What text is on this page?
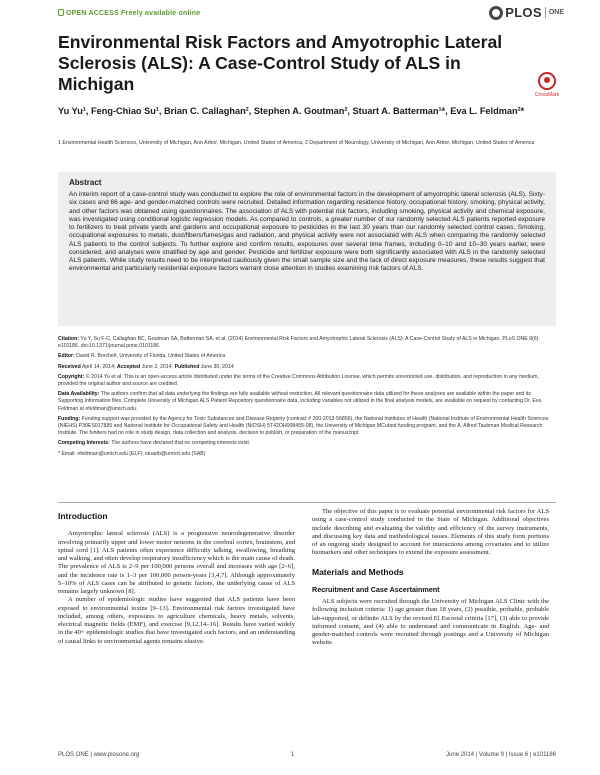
OPEN ACCESS Freely available online	PLOS ONE
Environmental Risk Factors and Amyotrophic Lateral Sclerosis (ALS): A Case-Control Study of ALS in Michigan
CrossMark
Yu Yu¹, Feng-Chiao Su¹, Brian C. Callaghan², Stephen A. Goutman², Stuart A. Batterman¹*, Eva L. Feldman²*
1 Environmental Health Sciences, University of Michigan, Ann Arbor, Michigan, United States of America, 2 Department of Neurology, University of Michigan, Ann Arbor, Michigan, United States of America
Abstract

An interim report of a case-control study was conducted to explore the role of environmental factors in the development of amyotrophic lateral sclerosis (ALS). Sixty-six cases and 66 age- and gender-matched controls were recruited. Detailed information regarding residence history, occupational history, smoking, physical activity, and other factors was obtained using questionnaires. The association of ALS with potential risk factors, including smoking, physical activity and chemical exposure, was investigated using conditional logistic regression models. As compared to controls, a greater number of our randomly selected ALS patients reported exposure to fertilizers to treat private yards and gardens and occupational exposure to pesticides in the last 30 years than our randomly selected control cases. Smoking, occupational exposures to metals, dust/fibers/fumes/gas and radiation, and physical activity were not associated with ALS when comparing the randomly selected ALS patients to the control subjects. To further explore and confirm results, exposures over several time frames, including 0–10 and 10–30 years earlier, were considered, and analyses were stratified by age and gender. Pesticide and fertilizer exposure were both significantly associated with ALS in the randomly selected ALS patients. While study results need to be interpreted cautiously given the small sample size and the lack of direct exposure measures, these results suggest that environmental and particularly residential exposure factors warrant close attention in studies examining risk factors of ALS.

Citation: Yu Y, Su F-C, Callaghan BC, Goutman SA, Batterman SA, et al. (2014) Environmental Risk Factors and Amyotrophic Lateral Sclerosis (ALS): A Case-Control Study of ALS in Michigan. PLoS ONE 9(6): e101186. doi:10.1371/journal.pone.0101186

Editor: David R. Borchelt, University of Florida, United States of America

Received April 14, 2014; Accepted June 2, 2014; Published June 30, 2014

Copyright: © 2014 Yu et al. This is an open-access article distributed under the terms of the Creative Commons Attribution License, which permits unrestricted use, distribution, and reproduction in any medium, provided the original author and source are credited.

Data Availability: The authors confirm that all data underlying the findings are fully available without restriction. All relevant questionnaire data utilized for these analyses are available within the paper and its Supporting Information files. Complete University of Michigan ALS Patient Repository questionnaire data, including variables not utilized in the final analysis models, are available on request by contacting Dr. Eva Feldman at efeldman@umich.edu.

Funding: Funding support was provided by the Agency for Toxic Substances and Disease Registry (contract # 200-2013-56856), the National Institutes of Health (National Institute of Environmental Health Sciences (NIEHS) P30ES017885 and National Institute for Occupational Safety and Health (NIOSH) 5T42OH008455-08), the University of Michigan MCubed funding program, and the A. Alfred Taubman Medical Research Institute. The funders had no role in study design, data collection and analysis, decision to publish, or preparation of the manuscript.

Competing Interests: The authors have declared that no competing interests exist.

* Email: efeldman@umich.edu (ELF); stuartb@umich.edu (SAB)

Introduction

Amyotrophic lateral sclerosis (ALS) is a progressive neurodegenerative disorder involving primarily upper and lower motor neurons in the cerebral cortex, brainstem, and spinal cord [1]. ALS patients often experience difficulty talking, swallowing, breathing and walking, and often develop respiratory insufficiency which is the main cause of death. The prevalence of ALS is 2–9 per 100,000 persons overall and increases with age [2–6], and the incidence rate is 1–3 per 100,000 person-years [3,4,7]. Although approximately 5–10% of ALS cases can be attributed to genetic factors, the underlying cause of ALS remains largely unknown [8].

A number of epidemiologic studies have suggested that ALS patients have been exposed to environmental toxins [9–13]. Environmental risk factors investigated have included, among others, exposures to agriculture chemicals, heavy metals, solvents, electrical magnetic fields (EMF), and exercise [9,12,14–16]. Results have varied widely in the 40+ epidemiologic studies that have investigated such factors, and an understanding of causal links to environmental agents remains elusive.

The objective of this paper is to evaluate potential environmental risk factors for ALS using a case-control study conducted in the State of Michigan. Additional objectives include describing and evaluating the validity and efficiency of the survey instruments, and discussing key data and methodological issues. Elements of this study form portions of an ongoing study designed to account for interactions among covariates and to utilize biomarkers and other techniques to extend the exposure assessment.

Materials and Methods
Recruitment and Case Ascertainment

ALS subjects were recruited through the University of Michigan ALS Clinic with the following inclusion criteria: 1) age greater than 18 years, (2) possible, probable, probable lab-supported, or definite ALS by the revised El Escorial criteria [17], (3) able to provide informed consent, and (4) able to understand and communicate in English. Age- and gender-matched controls were recruited through postings and a University of Michigan website

PLOS ONE | www.plosone.org	1	June 2014 | Volume 9 | Issue 6 | e101186
